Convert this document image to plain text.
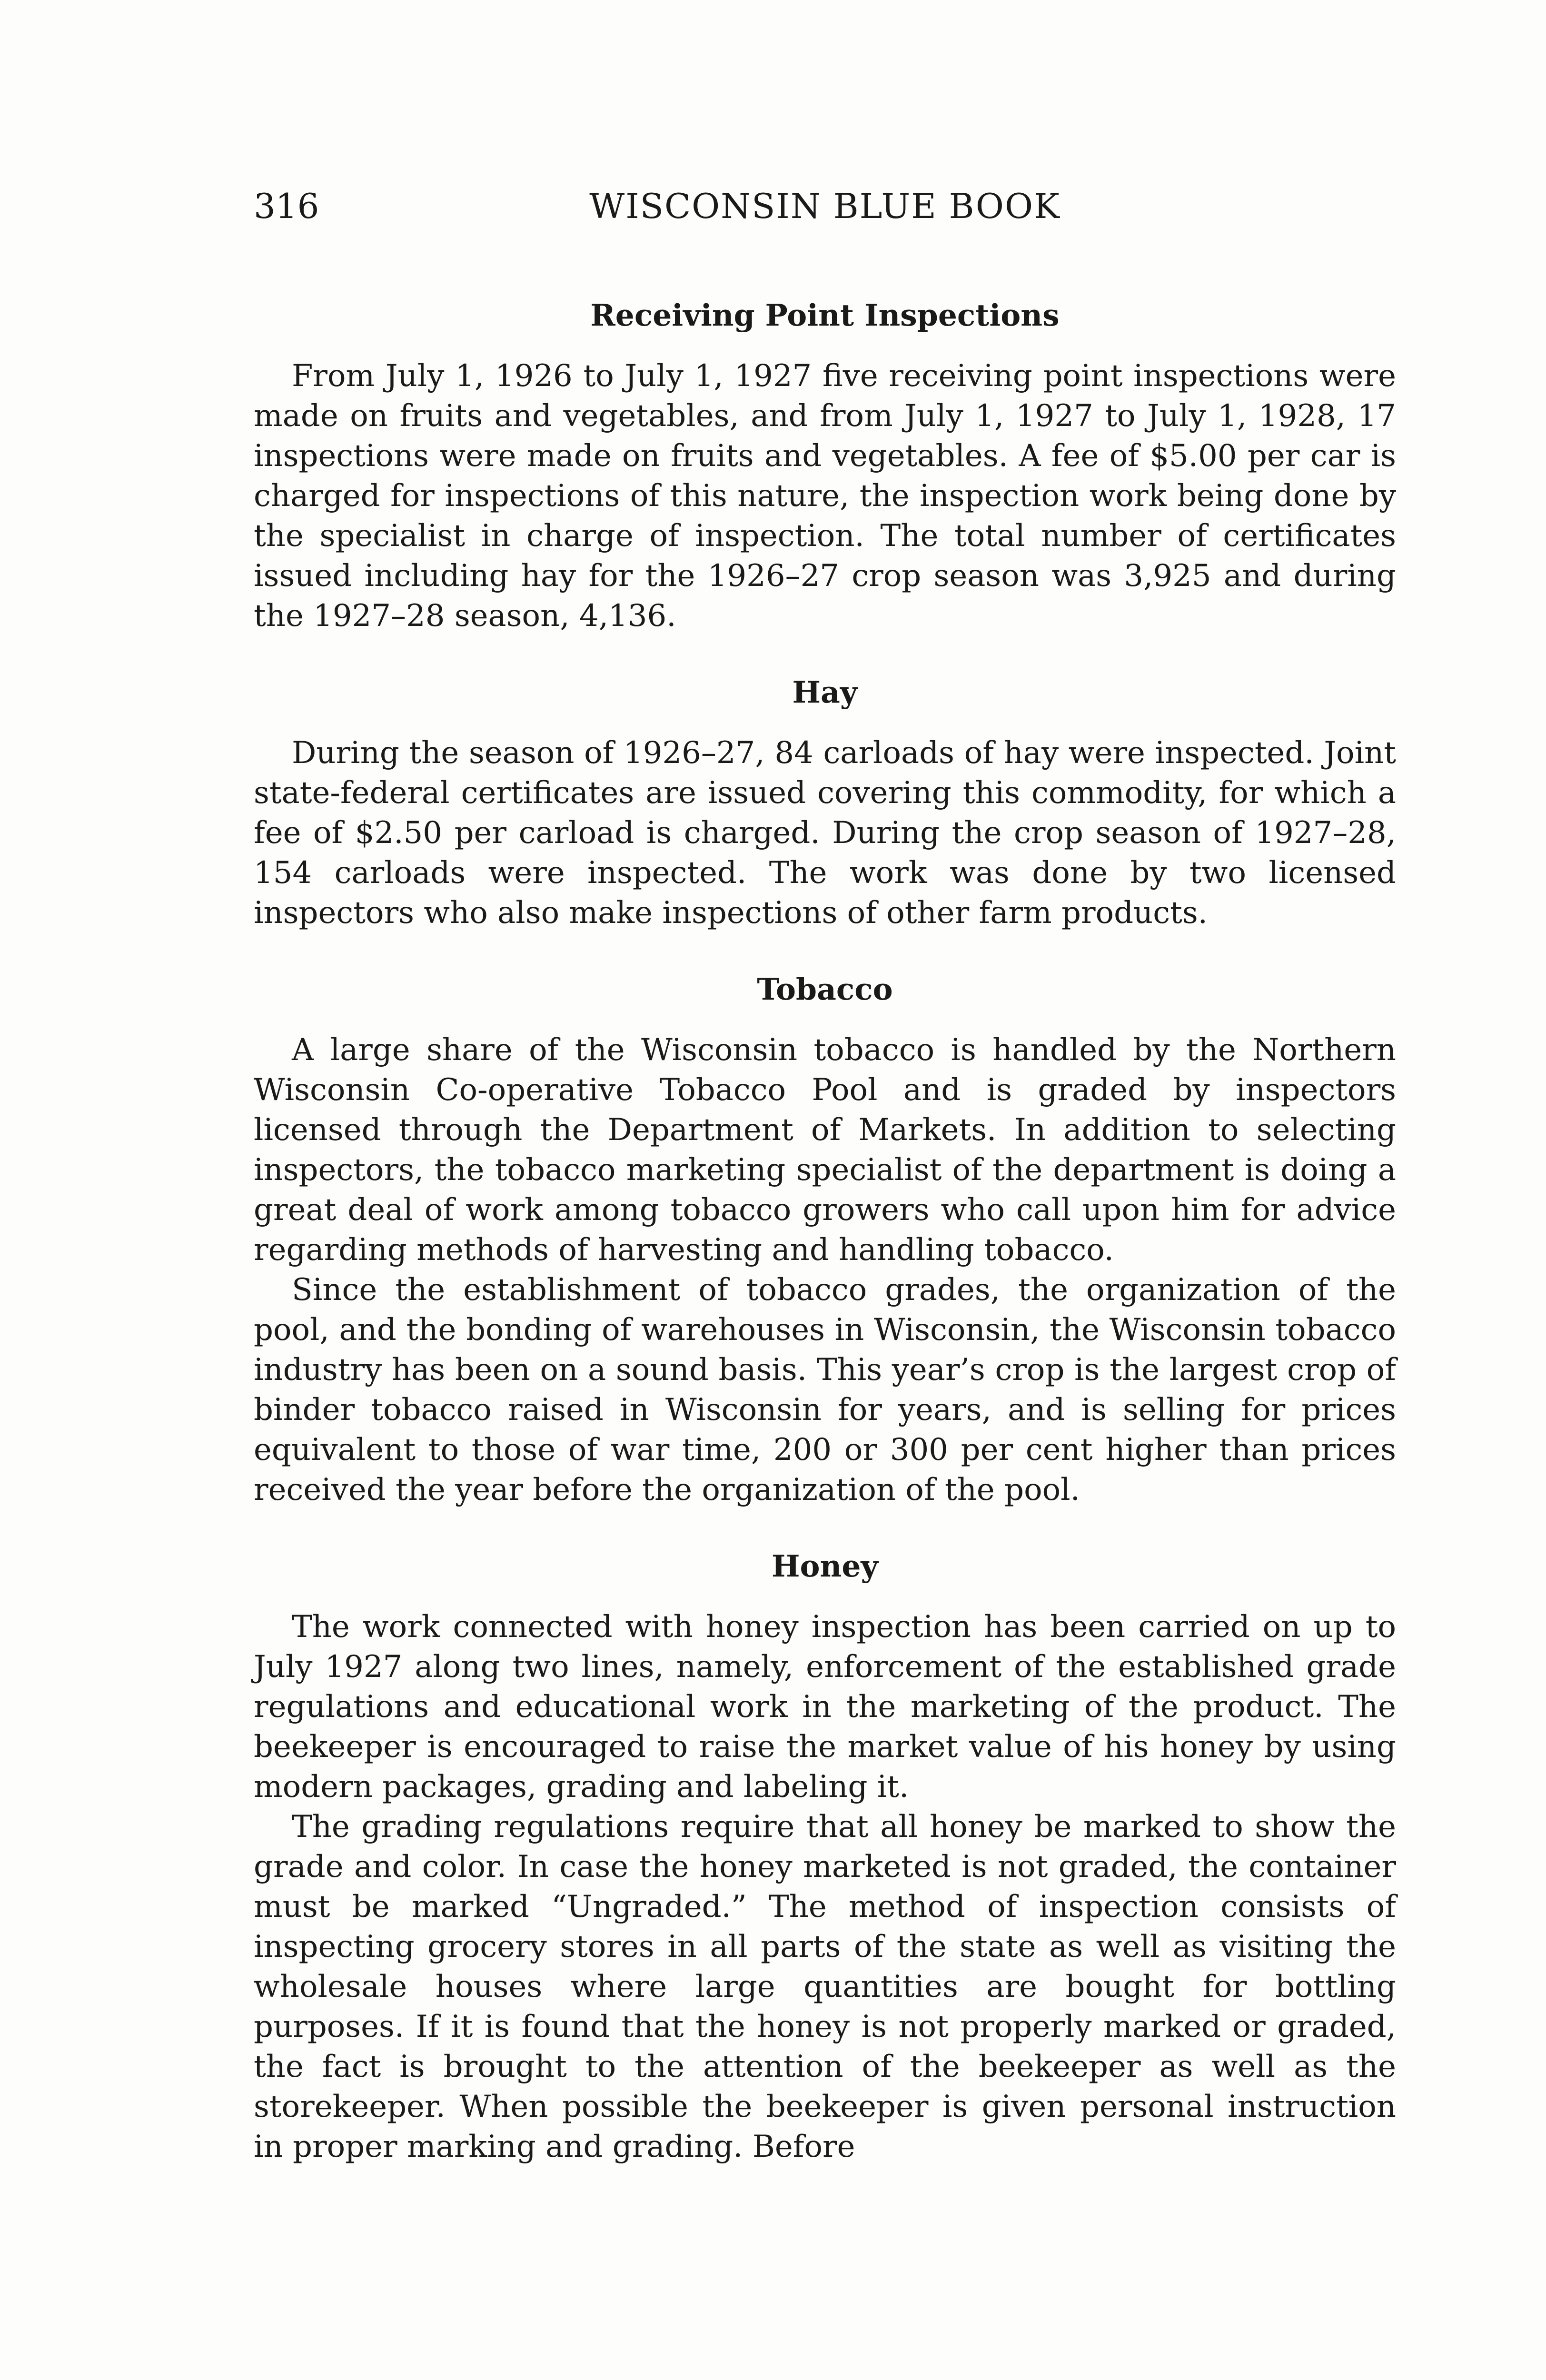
316	WISCONSIN BLUE BOOK
Receiving Point Inspections

From July 1, 1926 to July 1, 1927 five receiving point inspections were made on fruits and vegetables, and from July 1, 1927 to July 1, 1928, 17 inspections were made on fruits and vegetables. A fee of $5.00 per car is charged for inspections of this nature, the inspection work being done by the specialist in charge of inspection. The total number of certificates issued including hay for the 1926–27 crop season was 3,925 and during the 1927–28 season, 4,136.

Hay

During the season of 1926–27, 84 carloads of hay were inspected. Joint state-federal certificates are issued covering this commodity, for which a fee of $2.50 per carload is charged. During the crop season of 1927–28, 154 carloads were inspected. The work was done by two licensed inspectors who also make inspections of other farm products.

Tobacco

A large share of the Wisconsin tobacco is handled by the Northern Wisconsin Co-operative Tobacco Pool and is graded by inspectors licensed through the Department of Markets. In addition to selecting inspectors, the tobacco marketing specialist of the department is doing a great deal of work among tobacco growers who call upon him for advice regarding methods of harvesting and handling tobacco.

Since the establishment of tobacco grades, the organization of the pool, and the bonding of warehouses in Wisconsin, the Wisconsin tobacco industry has been on a sound basis. This year’s crop is the largest crop of binder tobacco raised in Wisconsin for years, and is selling for prices equivalent to those of war time, 200 or 300 per cent higher than prices received the year before the organization of the pool.

Honey

The work connected with honey inspection has been carried on up to July 1927 along two lines, namely, enforcement of the established grade regulations and educational work in the marketing of the product. The beekeeper is encouraged to raise the market value of his honey by using modern packages, grading and labeling it.

The grading regulations require that all honey be marked to show the grade and color. In case the honey marketed is not graded, the container must be marked “Ungraded.” The method of inspection consists of inspecting grocery stores in all parts of the state as well as visiting the wholesale houses where large quantities are bought for bottling purposes. If it is found that the honey is not properly marked or graded, the fact is brought to the attention of the beekeeper as well as the storekeeper. When possible the beekeeper is given personal instruction in proper marking and grading. Before
